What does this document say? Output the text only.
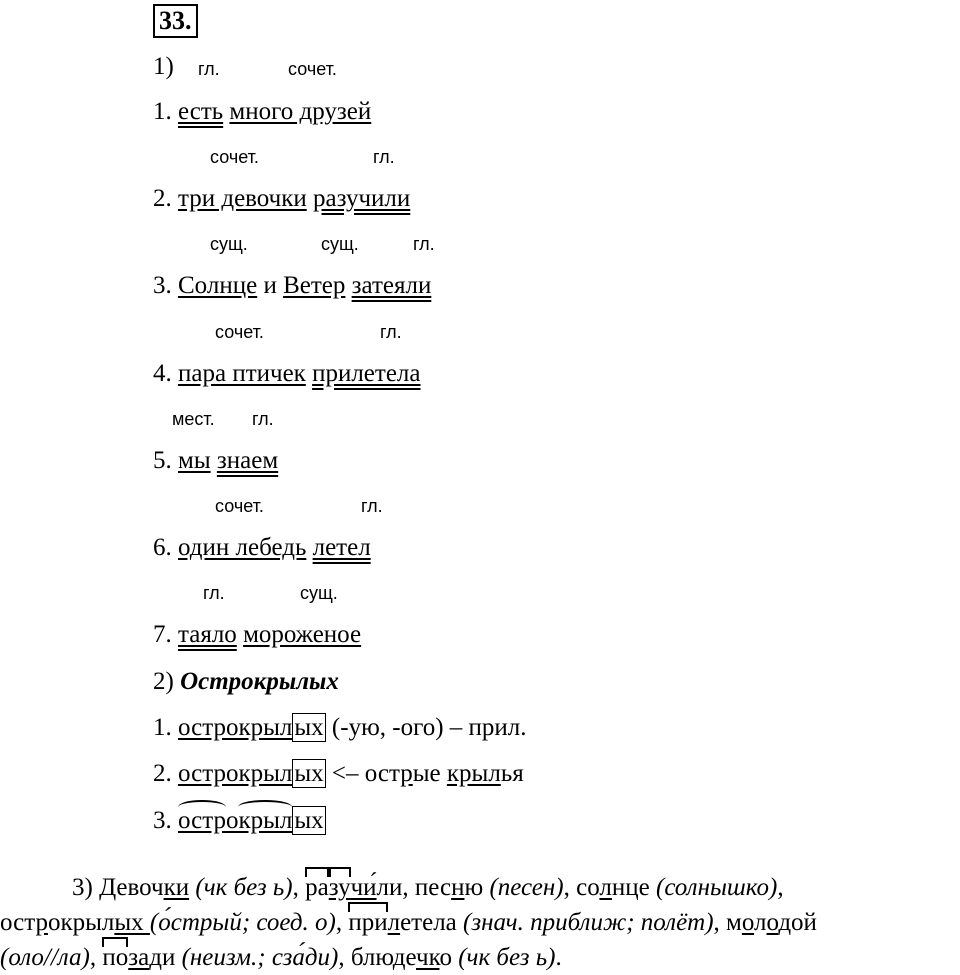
33.
1) гл.	сочет.
1. есть много друзей
сочет.	гл.
2. три девочки разучили
сущ.	сущ.	гл.
3. Солнце и Ветер затеяли
сочет.	гл.
4. пара птичек прилетела
мест. гл.
5. мы знаем
сочет.	гл.
6. один лебедь летел
гл.	сущ.
7. таяло мороженое
2) Острокрылых
1. острокрылых (-ую, -ого) – прил.
2. острокрылых <– острые крылья
3. острокрылых

3) Девочки (чк без ь), разучили, песню (песен), солнце (солнышко),

острокрылых (о́стрый; соед. о), прилетела (знач. приближ; полёт), молодой

(оло//ла), позади (неизм.; сза́ди), блюдечко (чк без ь).
